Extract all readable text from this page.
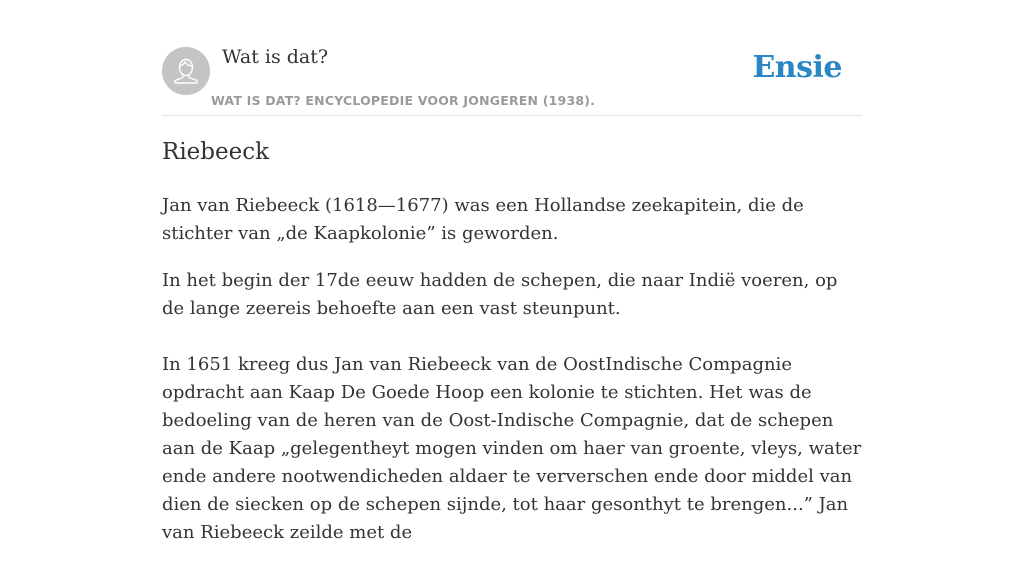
Wat is dat?
WAT IS DAT? ENCYCLOPEDIE VOOR JONGEREN (1938).
Ensie
Riebeeck

Jan van Riebeeck (1618—1677) was een Hollandse zeekapitein, die de stichter van „de Kaapkolonie” is geworden.

In het begin der 17de eeuw hadden de schepen, die naar Indië voeren, op de lange zeereis behoefte aan een vast steunpunt.

In 1651 kreeg dus Jan van Riebeeck van de OostIndische Compagnie opdracht aan Kaap De Goede Hoop een kolonie te stichten. Het was de bedoeling van de heren van de Oost-Indische Compagnie, dat de schepen aan de Kaap „gelegentheyt mogen vinden om haer van groente, vleys, water ende andere nootwendicheden aldaer te ververschen ende door middel van dien de siecken op de schepen sijnde, tot haar gesonthyt te brengen...” Jan van Riebeeck zeilde met de
